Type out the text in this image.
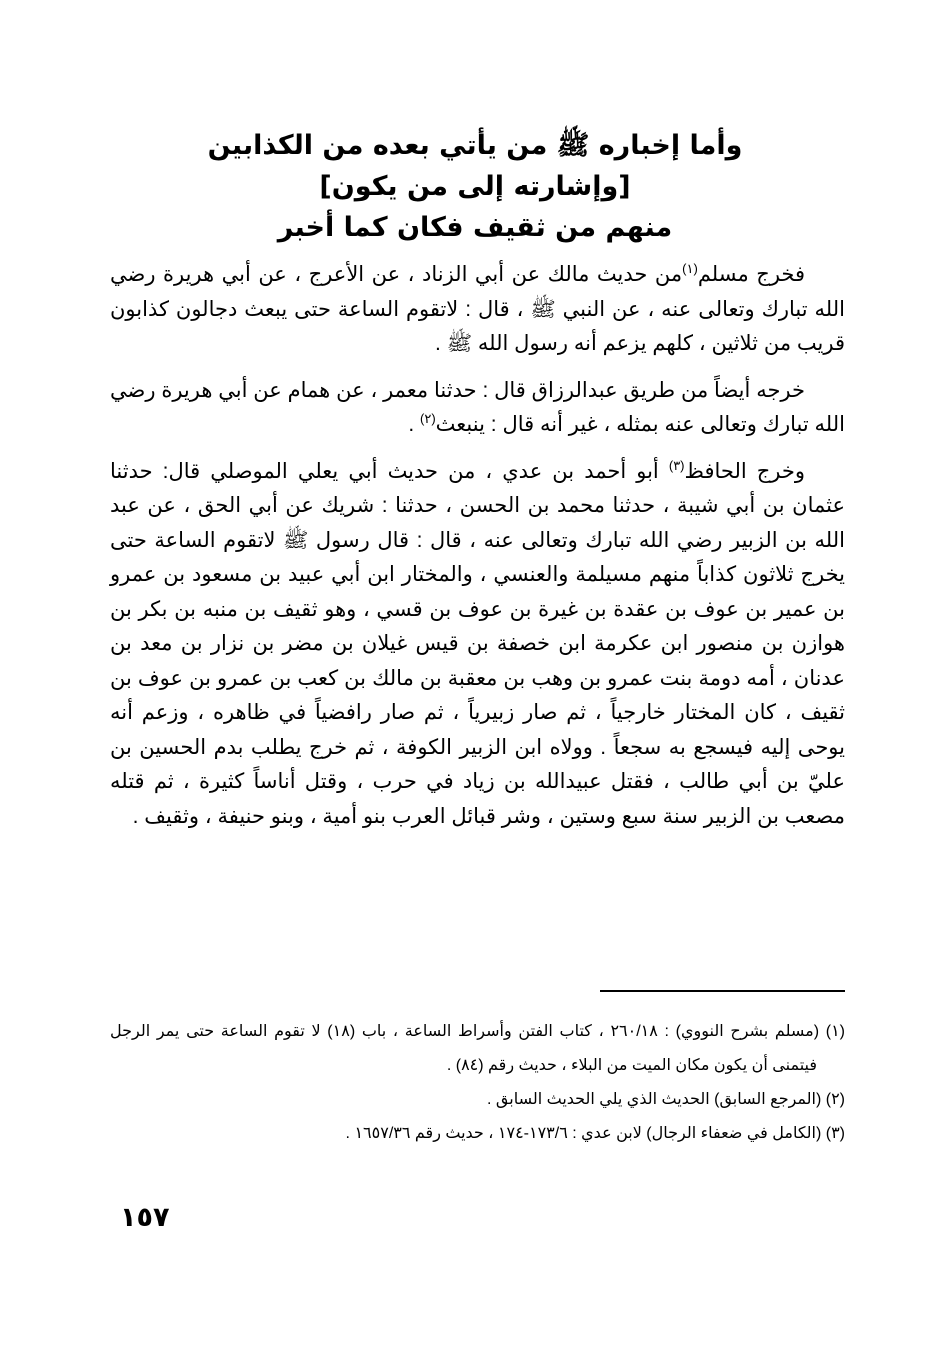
وأما إخباره ﷺ من يأتي بعده من الكذابين
[وإشارته إلى من يكون]
منهم من ثقيف فكان كما أخبر

فخرج مسلم$^{(١)}$من حديث مالك عن أبي الزناد ، عن الأعرج ، عن أبي هريرة رضي الله تبارك وتعالى عنه ، عن النبي ﷺ ، قال : لاتقوم الساعة حتى يبعث دجالون كذابون قريب من ثلاثين ، كلهم يزعم أنه رسول الله ﷺ .

خرجه أيضاً من طريق عبدالرزاق قال : حدثنا معمر ، عن همام عن أبي هريرة رضي الله تبارك وتعالى عنه بمثله ، غير أنه قال : ينبعث$^{(٢)}$ .

وخرج الحافظ$^{(٣)}$ أبو أحمد بن عدي ، من حديث أبي يعلي الموصلي قال: حدثنا عثمان بن أبي شيبة ، حدثنا محمد بن الحسن ، حدثنا : شريك عن أبي الحق ، عن عبد الله بن الزبير رضي الله تبارك وتعالى عنه ، قال : قال رسول ﷺ لاتقوم الساعة حتى يخرج ثلاثون كذاباً منهم مسيلمة والعنسي ، والمختار ابن أبي عبيد بن مسعود بن عمرو بن عمير بن عوف بن عقدة بن غيرة بن عوف بن قسي ، وهو ثقيف بن منبه بن بكر بن هوازن بن منصور ابن عكرمة ابن خصفة بن قيس غيلان بن مضر بن نزار بن معد بن عدنان ، أمه دومة بنت عمرو بن وهب بن معقبة بن مالك بن كعب بن عمرو بن عوف بن ثقيف ، كان المختار خارجياً ، ثم صار زبيرياً ، ثم صار رافضياً في ظاهره ، وزعم أنه يوحى إليه فيسجع به سجعاً . وولاه ابن الزبير الكوفة ، ثم خرج يطلب بدم الحسين بن عليّ بن أبي طالب ، فقتل عبيدالله بن زياد في حرب ، وقتل أناساً كثيرة ، ثم قتله مصعب بن الزبير سنة سبع وستين ، وشر قبائل العرب بنو أمية ، وبنو حنيفة ، وثقيف .

(١) (مسلم بشرح النووي) : ٢٦٠/١٨ ، كتاب الفتن وأسراط الساعة ، باب (١٨) لا تقوم الساعة حتى يمر الرجل فيتمنى أن يكون مكان الميت من البلاء ، حديث رقم (٨٤) .
(٢) (المرجع السابق) الحديث الذي يلي الحديث السابق .
(٣) (الكامل في ضعفاء الرجال) لابن عدي : ١٧٣/٦-١٧٤ ، حديث رقم ١٦٥٧/٣٦ .
١٥٧
